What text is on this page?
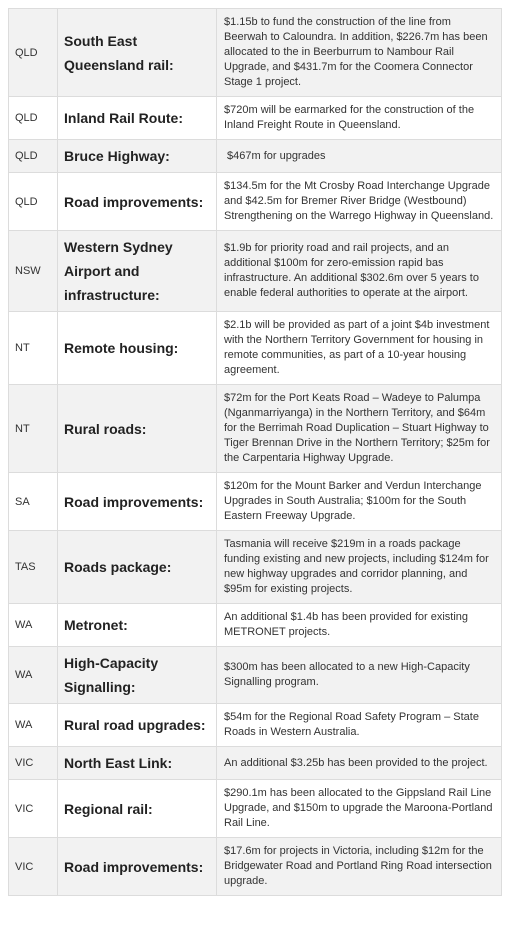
QLD	South East Queensland rail:	$1.15b to fund the construction of the line from Beerwah to Caloundra. In addition, $226.7m has been allocated to the in Beerburrum to Nambour Rail Upgrade, and $431.7m for the Coomera Connector Stage 1 project.
QLD	Inland Rail Route:	$720m will be earmarked for the construction of the Inland Freight Route in Queensland.
QLD	Bruce Highway:	$467m for upgrades
QLD	Road improvements:	$134.5m for the Mt Crosby Road Interchange Upgrade and $42.5m for Bremer River Bridge (Westbound) Strengthening on the Warrego Highway in Queensland.
NSW	Western Sydney Airport and infrastructure:	$1.9b for priority road and rail projects, and an additional $100m for zero-emission rapid bas infrastructure. An additional $302.6m over 5 years to enable federal authorities to operate at the airport.
NT	Remote housing:	$2.1b will be provided as part of a joint $4b investment with the Northern Territory Government for housing in remote communities, as part of a 10-year housing agreement.
NT	Rural roads:	$72m for the Port Keats Road – Wadeye to Palumpa (Nganmarriyanga) in the Northern Territory, and $64m for the Berrimah Road Duplication – Stuart Highway to Tiger Brennan Drive in the Northern Territory; $25m for the Carpentaria Highway Upgrade.
SA	Road improvements:	$120m for the Mount Barker and Verdun Interchange Upgrades in South Australia; $100m for the South Eastern Freeway Upgrade.
TAS	Roads package:	Tasmania will receive $219m in a roads package funding existing and new projects, including $124m for new highway upgrades and corridor planning, and $95m for existing projects.
WA	Metronet:	An additional $1.4b has been provided for existing METRONET projects.
WA	High-Capacity Signalling:	$300m has been allocated to a new High-Capacity Signalling program.
WA	Rural road upgrades:	$54m for the Regional Road Safety Program – State Roads in Western Australia.
VIC	North East Link:	An additional $3.25b has been provided to the project.
VIC	Regional rail:	$290.1m has been allocated to the Gippsland Rail Line Upgrade, and $150m to upgrade the Maroona-Portland Rail Line.
VIC	Road improvements:	$17.6m for projects in Victoria, including $12m for the Bridgewater Road and Portland Ring Road intersection upgrade.
